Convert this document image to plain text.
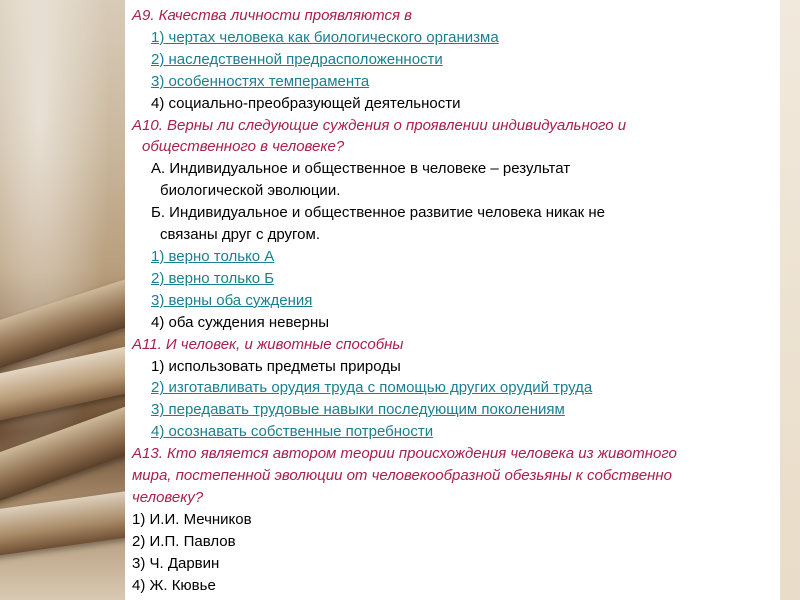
А9. Качества личности проявляются в

1) чертах человека как биологического организма

2) наследственной предрасположенности

3) особенностях темперамента

4) социально-преобразующей деятельности

А10. Верны ли следующие суждения о проявлении индивидуального и

общественного в человеке?

А. Индивидуальное и общественное в человеке – результат

биологической эволюции.

Б. Индивидуальное и общественное развитие человека никак не

связаны друг с другом.

1) верно только А

2) верно только Б

3) верны оба суждения

4) оба суждения неверны

А11. И человек, и животные способны

1) использовать предметы природы

2) изготавливать орудия труда с помощью других орудий труда

3) передавать трудовые навыки последующим поколениям

4) осознавать собственные потребности

А13. Кто является автором теории происхождения человека из животного

мира, постепенной эволюции от человекообразной обезьяны к собственно

человеку?

1) И.И. Мечников

2) И.П. Павлов

3) Ч. Дарвин

4) Ж. Кювье
